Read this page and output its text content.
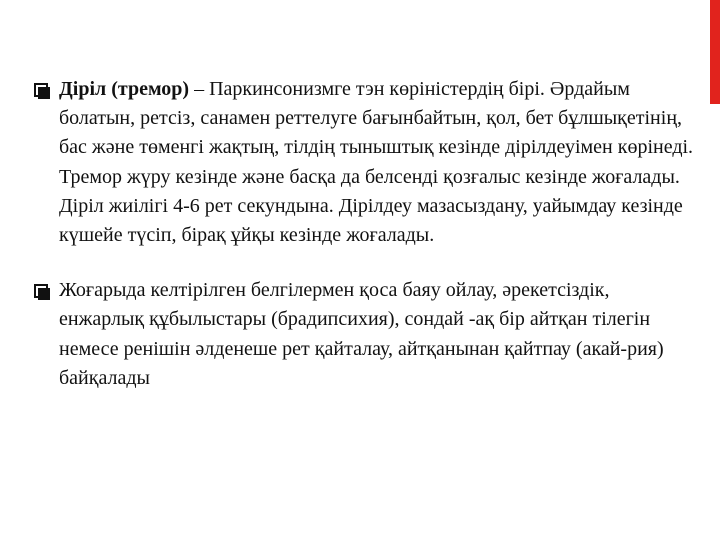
Діріл (тремор) – Паркинсонизмге тэн көріністердің бірі. Әрдайым болатын, ретсіз, санамен реттелуге бағынбайтын, қол, бет бұлшықетінің, бас және төменгі жақтың, тілдің тыныштық кезінде дірілдеуімен көрінеді. Тремор жүру кезінде және басқа да белсенді қозғалыс кезінде жоғалады. Діріл жиілігі 4-6 рет секундына. Дірілдеу мазасыздану, уайымдау кезінде күшейе түсіп, бірақ ұйқы кезінде жоғалады.
Жоғарыда келтірілген белгілермен қоса баяу ойлау, әрекетсіздік, енжарлық құбылыстары (брадипсихия), сондай -ақ бір айтқан тілегін немесе ренішін әлденеше рет қайталау, айтқанынан қайтпау (акай-рия) байқалады
